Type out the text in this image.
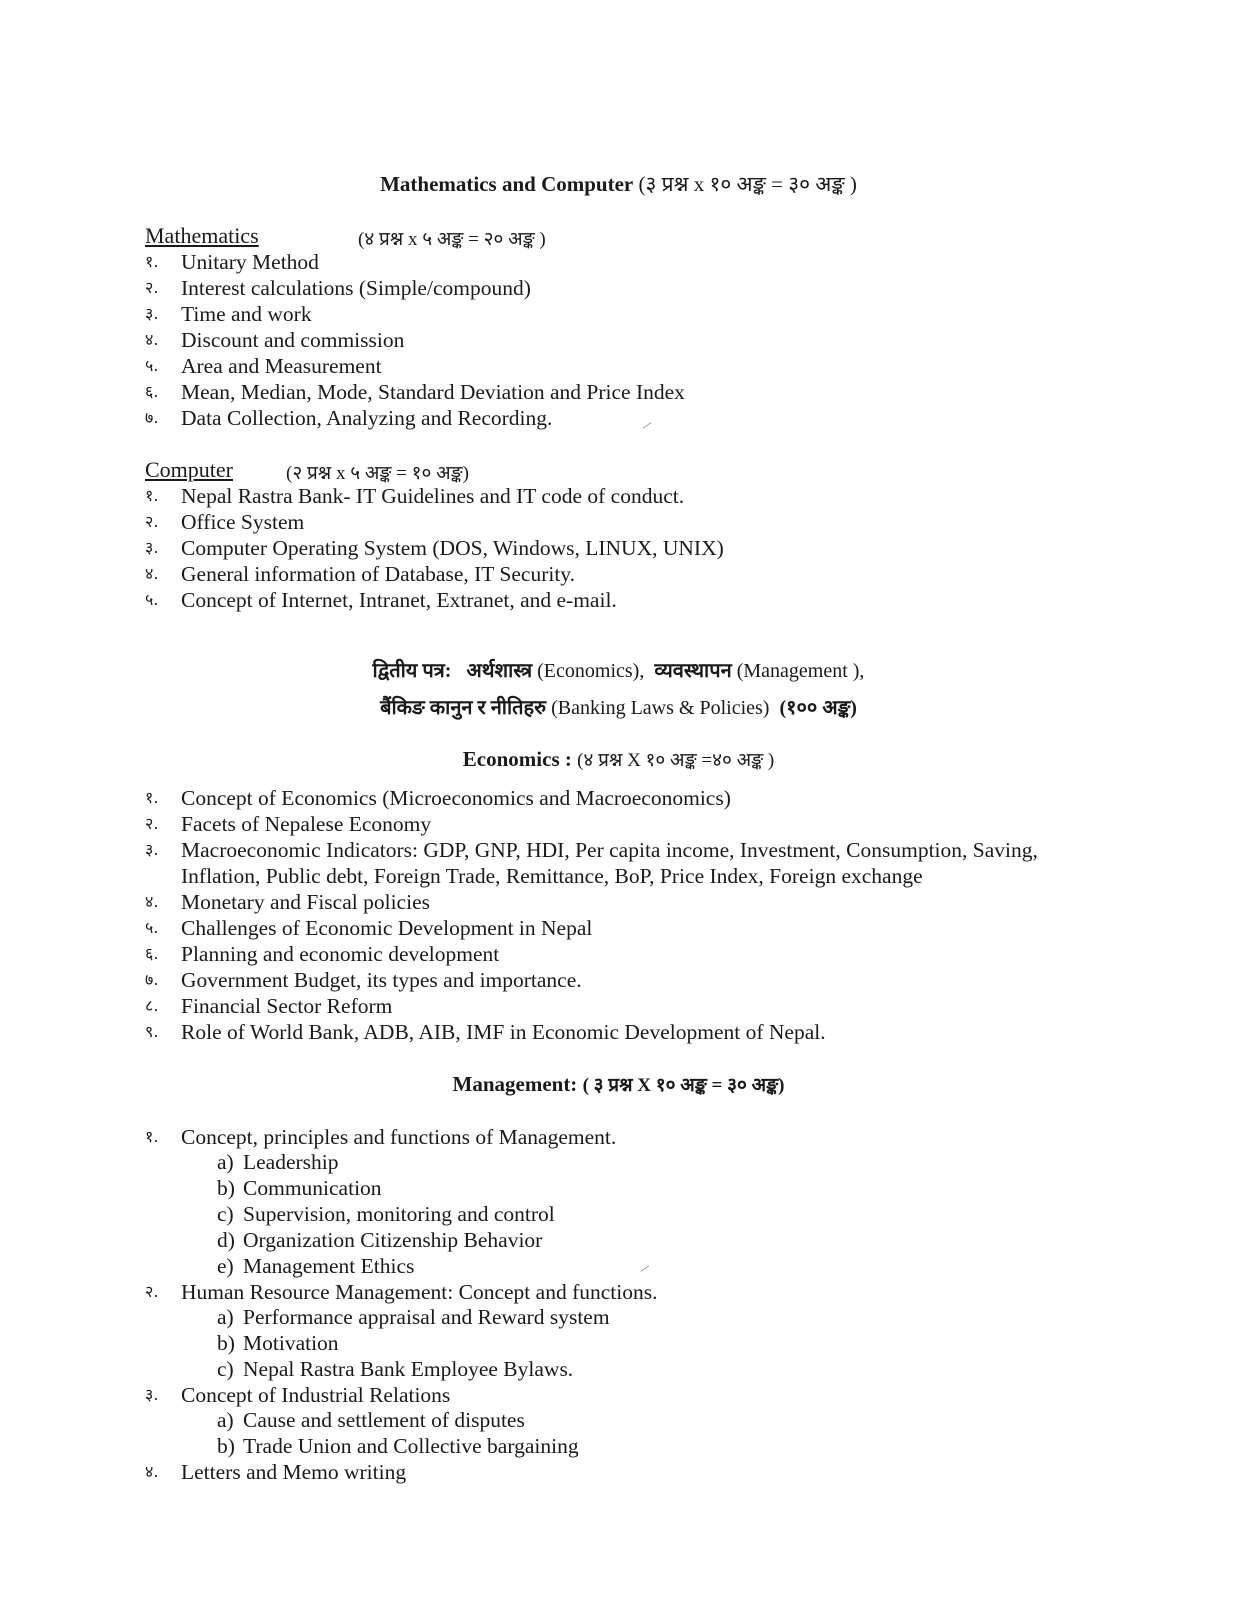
Mathematics and Computer (३ प्रश्न x १० अङ्क = ३० अङ्क )
Mathematics	(४ प्रश्न x ५ अङ्क = २० अङ्क )
१. Unitary Method
२. Interest calculations (Simple/compound)
३. Time and work
४. Discount and commission
५. Area and Measurement
६. Mean, Median, Mode, Standard Deviation and Price Index
७. Data Collection, Analyzing and Recording.
Computer	(२ प्रश्न x ५ अङ्क = १० अङ्क)
१. Nepal Rastra Bank- IT Guidelines and IT code of conduct.
२. Office System
३. Computer Operating System (DOS, Windows, LINUX, UNIX)
४. General information of Database, IT Security.
५. Concept of Internet, Intranet, Extranet, and e-mail.
द्वितीय पत्र: अर्थशास्त्र (Economics), व्यवस्थापन (Management ),
बैंकिङ कानुन र नीतिहरु (Banking Laws & Policies) (१०० अङ्क)
Economics : (४ प्रश्न X १० अङ्क =४० अङ्क )
१. Concept of Economics (Microeconomics and Macroeconomics)
२. Facets of Nepalese Economy
३. Macroeconomic Indicators: GDP, GNP, HDI, Per capita income, Investment, Consumption, Saving,
Inflation, Public debt, Foreign Trade, Remittance, BoP, Price Index, Foreign exchange
४. Monetary and Fiscal policies
५. Challenges of Economic Development in Nepal
६. Planning and economic development
७. Government Budget, its types and importance.
८. Financial Sector Reform
९. Role of World Bank, ADB, AIB, IMF in Economic Development of Nepal.
Management: ( ३ प्रश्न X १० अङ्क = ३० अङ्क)
१. Concept, principles and functions of Management.
a) Leadership
b) Communication
c) Supervision, monitoring and control
d) Organization Citizenship Behavior
e) Management Ethics
२. Human Resource Management: Concept and functions.
a) Performance appraisal and Reward system
b) Motivation
c) Nepal Rastra Bank Employee Bylaws.
३. Concept of Industrial Relations
a) Cause and settlement of disputes
b) Trade Union and Collective bargaining
४. Letters and Memo writing
